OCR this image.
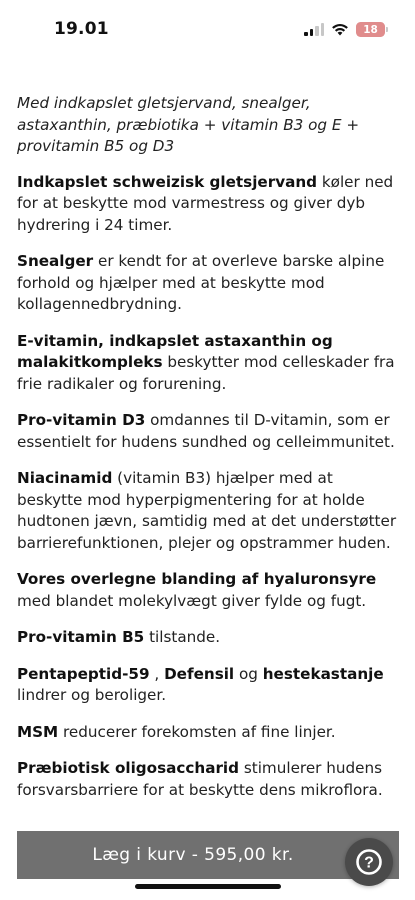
19.01	18

Med indkapslet gletsjervand, snealger, astaxanthin, præbiotika + vitamin B3 og E + provitamin B5 og D3

Indkapslet schweizisk gletsjervand køler ned for at beskytte mod varmestress og giver dyb hydrering i 24 timer.

Snealger er kendt for at overleve barske alpine forhold og hjælper med at beskytte mod kollagennedbrydning.

E-vitamin, indkapslet astaxanthin og malakitkompleks beskytter mod celleskader fra frie radikaler og forurening.

Pro-vitamin D3 omdannes til D-vitamin, som er essentielt for hudens sundhed og celleimmunitet.

Niacinamid (vitamin B3) hjælper med at beskytte mod hyperpigmentering for at holde hudtonen jævn, samtidig med at det understøtter barrierefunktionen, plejer og opstrammer huden.

Vores overlegne blanding af hyaluronsyre med blandet molekylvægt giver fylde og fugt.

Pro-vitamin B5 tilstande.

Pentapeptid-59 , Defensil og hestekastanje lindrer og beroliger.

MSM reducerer forekomsten af fine linjer.

Præbiotisk oligosaccharid stimulerer hudens forsvarsbarriere for at beskytte dens mikroflora.

Læg i kurv - 595,00 kr.	?
